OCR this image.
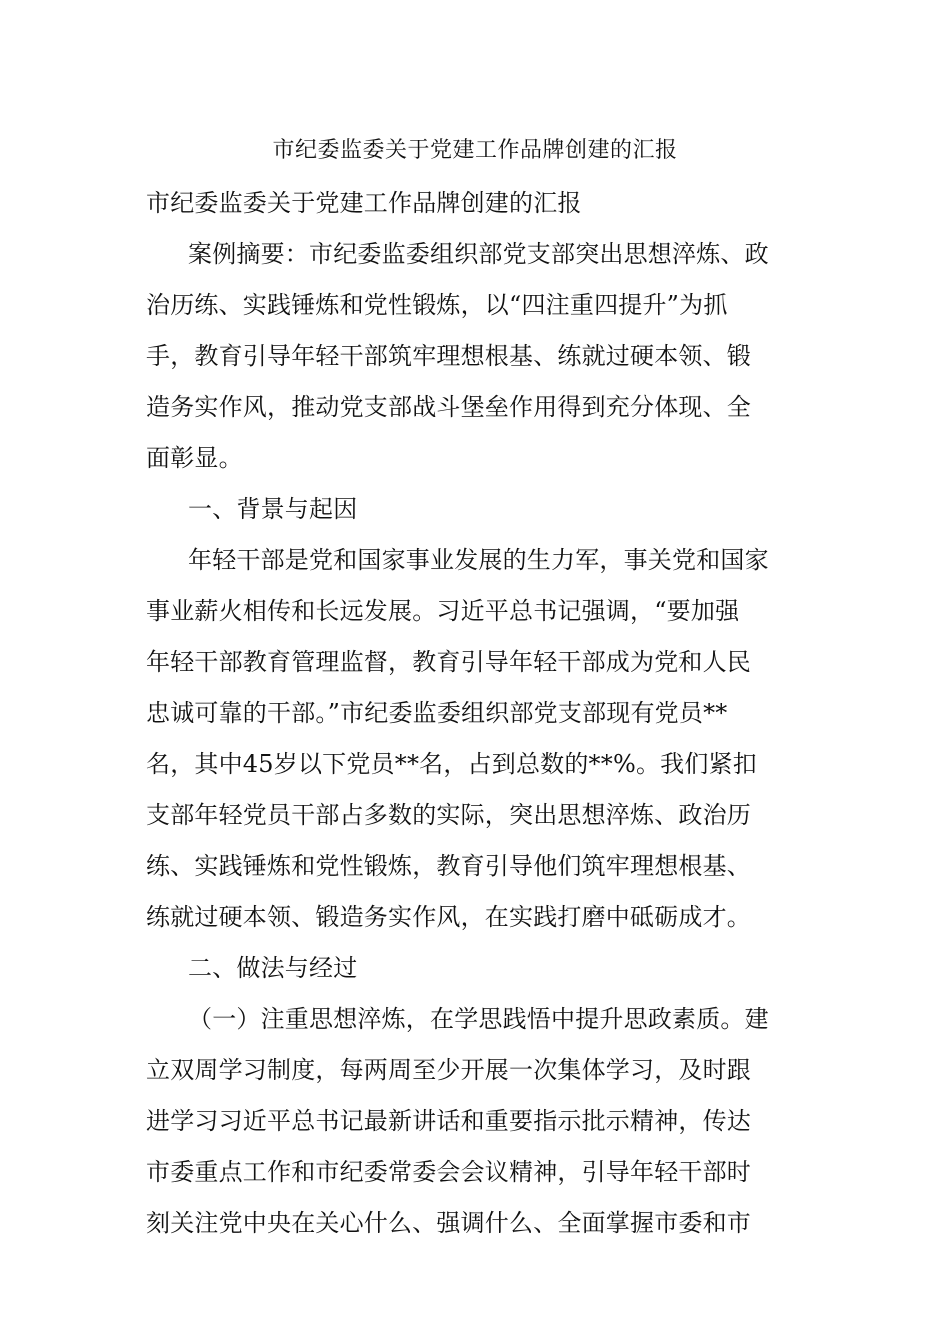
市纪委监委关于党建工作品牌创建的汇报
市纪委监委关于党建工作品牌创建的汇报
案例摘要：市纪委监委组织部党支部突出思想淬炼、政
治历练、实践锤炼和党性锻炼，以“四注重四提升”为抓
手，教育引导年轻干部筑牢理想根基、练就过硬本领、锻
造务实作风，推动党支部战斗堡垒作用得到充分体现、全
面彰显。
一、背景与起因
年轻干部是党和国家事业发展的生力军，事关党和国家
事业薪火相传和长远发展。习近平总书记强调，“要加强
年轻干部教育管理监督，教育引导年轻干部成为党和人民
忠诚可靠的干部。”市纪委监委组织部党支部现有党员**
名，其中45岁以下党员**名，占到总数的**%。我们紧扣
支部年轻党员干部占多数的实际，突出思想淬炼、政治历
练、实践锤炼和党性锻炼，教育引导他们筑牢理想根基、
练就过硬本领、锻造务实作风，在实践打磨中砥砺成才。
二、做法与经过
（一）注重思想淬炼，在学思践悟中提升思政素质。建
立双周学习制度，每两周至少开展一次集体学习，及时跟
进学习习近平总书记最新讲话和重要指示批示精神，传达
市委重点工作和市纪委常委会会议精神，引导年轻干部时
刻关注党中央在关心什么、强调什么、全面掌握市委和市
